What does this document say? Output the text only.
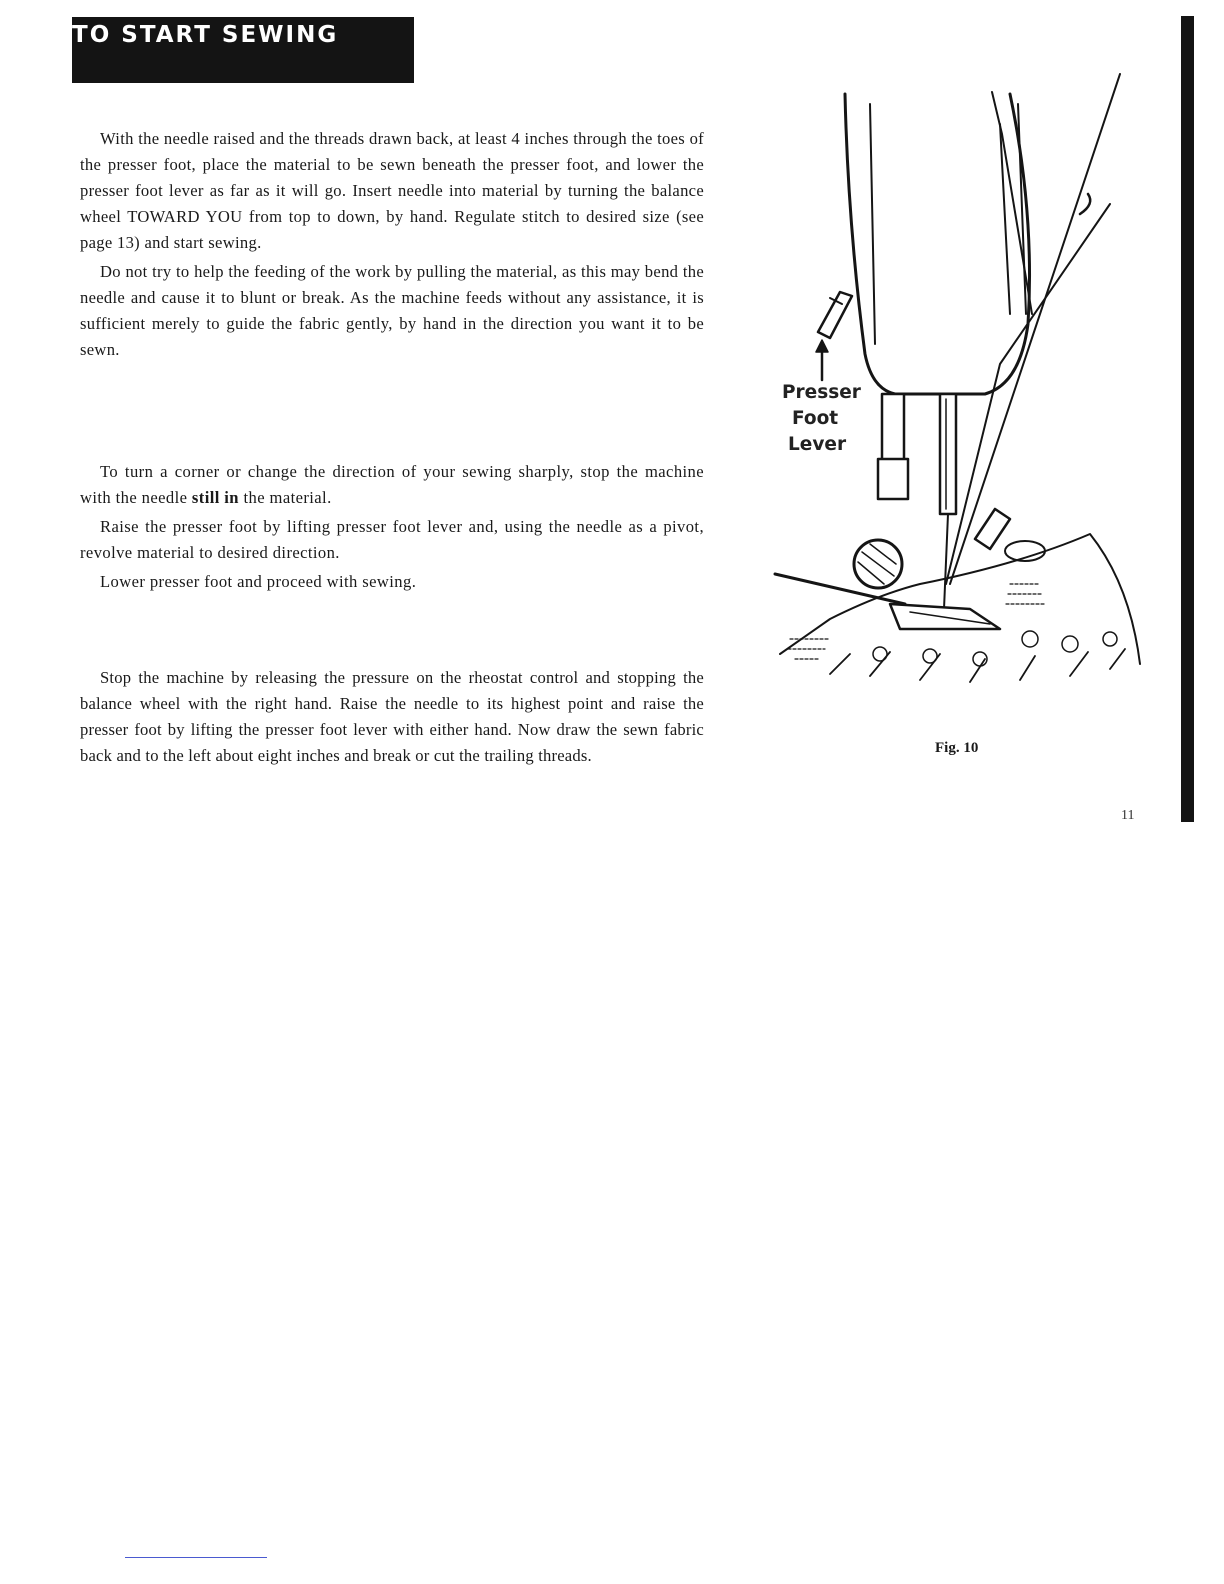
TO START SEWING

With the needle raised and the threads drawn back, at least 4 inches through the toes of the presser foot, place the material to be sewn beneath the presser foot, and lower the presser foot lever as far as it will go. Insert needle into material by turning the balance wheel TOWARD YOU from top to down, by hand. Regulate stitch to desired size (see page 13) and start sewing.

Do not try to help the feeding of the work by pulling the material, as this may bend the needle and cause it to blunt or break. As the machine feeds without any assistance, it is sufficient merely to guide the fabric gently, by hand in the direction you want it to be sewn.

To turn a corner or change the direction of your sewing sharply, stop the machine with the needle still in the material.

Raise the presser foot by lifting presser foot lever and, using the needle as a pivot, revolve material to desired direction.

Lower presser foot and proceed with sewing.

Stop the machine by releasing the pressure on the rheostat control and stopping the balance wheel with the right hand. Raise the needle to its highest point and raise the presser foot by lifting the presser foot lever with either hand. Now draw the sewn fabric back and to the left about eight inches and break or cut the trailing threads.

Presser
Foot
Lever
Fig. 10
11
